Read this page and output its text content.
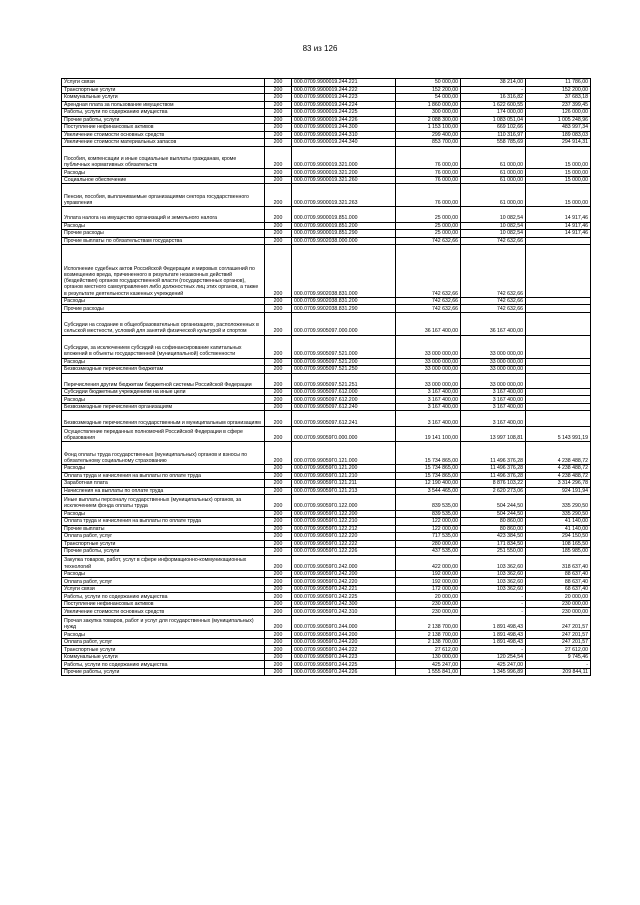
83 из 126
Услуги связи	200	000.0709.9900019.244.221	50 000,00	38 214,00	11 786,00
Транспортные услуги	200	000.0709.9900019.244.222	152 200,00	-	152 200,00
Коммунальные услуги	200	000.0709.9900019.244.223	54 000,00	16 316,82	37 683,18
Арендная плата за пользование имуществом	200	000.0709.9900019.244.224	1 860 000,00	1 622 600,55	237 399,45
Работы, услуги по содержанию имущества	200	000.0709.9900019.244.225	300 000,00	174 000,00	126 000,00
Прочие работы, услуги	200	000.0709.9900019.244.226	2 088 300,00	1 083 051,04	1 005 248,96
Поступление нефинансовых активов	200	000.0709.9900019.244.300	1 153 100,00	669 102,66	483 997,34
Увеличение стоимости основных средств	200	000.0709.9900019.244.310	299 400,00	110 316,97	189 083,03
Увеличение стоимости материальных запасов	200	000.0709.9900019.244.340	853 700,00	558 785,69	294 914,31
Пособия, компенсации и иные социальные выплаты гражданам, кроме публичных нормативных обязательств	200	000.0709.9900019.321.000	76 000,00	61 000,00	15 000,00
Расходы	200	000.0709.9900019.321.200	76 000,00	61 000,00	15 000,00
Социальное обеспечение	200	000.0709.9900019.321.260	76 000,00	61 000,00	15 000,00
Пенсии, пособия, выплачиваемые организациями сектора государственного управления	200	000.0709.9900019.321.263	76 000,00	61 000,00	15 000,00
Уплата налога на имущество организаций и земельного налога	200	000.0709.9900019.851.000	25 000,00	10 082,54	14 917,46
Расходы	200	000.0709.9900019.851.200	25 000,00	10 082,54	14 917,46
Прочие расходы	200	000.0709.9900019.851.290	25 000,00	10 082,54	14 917,46
Прочие выплаты по обязательствам государства	200	000.0709.9902038.000.000	742 632,66	742 632,66	
Исполнение судебных актов Российской Федерации и мировых соглашений по возмещению вреда, причиненного в результате незаконных действий (бездействия) органов государственной власти (государственных органов), органов местного самоуправления либо должностных лиц этих органов, а также в результате деятельности казенных учреждений	200	000.0709.9902038.831.000	742 632,66	742 632,66	
Расходы	200	000.0709.9902038.831.200	742 632,66	742 632,66	
Прочие расходы	200	000.0709.9902038.831.290	742 632,66	742 632,66	
Субсидии на создание в общеобразовательных организациях, расположенных в сельской местности, условий для занятий физической культурой и спортом	200	000.0709.9905097.000.000	36 167 400,00	36 167 400,00	
Субсидии, за исключением субсидий на софинансирование капитальных вложений в объекты государственной (муниципальной) собственности	200	000.0709.9905097.521.000	33 000 000,00	33 000 000,00	
Расходы	200	000.0709.9905097.521.200	33 000 000,00	33 000 000,00	
Безвозмездные перечисления бюджетам	200	000.0709.9905097.521.250	33 000 000,00	33 000 000,00	
Перечисления другим бюджетам бюджетной системы Российской Федерации	200	000.0709.9905097.521.251	33 000 000,00	33 000 000,00	
Субсидии бюджетным учреждениям на иные цели	200	000.0709.9905097.612.000	3 167 400,00	3 167 400,00	
Расходы	200	000.0709.9905097.612.200	3 167 400,00	3 167 400,00	
Безвозмездные перечисления организациям	200	000.0709.9905097.612.240	3 167 400,00	3 167 400,00	
Безвозмездные перечисления государственным и муниципальным организациям	200	000.0709.9905097.612.241	3 167 400,00	3 167 400,00	
Осуществление переданных полномочий Российской Федерации в сфере образования	200	000.0709.99059Г0.000.000	19 141 100,00	13 997 108,81	5 143 991,19
Фонд оплаты труда государственных (муниципальных) органов и взносы по обязательному социальному страхованию	200	000.0709.99059Г0.121.000	15 734 865,00	11 496 376,28	4 238 488,72
Расходы	200	000.0709.99059Г0.121.200	15 734 865,00	11 496 376,28	4 238 488,72
Оплата труда и начисления на выплаты по оплате труда	200	000.0709.99059Г0.121.210	15 734 865,00	11 496 376,28	4 238 488,72
Заработная плата	200	000.0709.99059Г0.121.211	12 190 400,00	8 876 103,22	3 314 296,78
Начисления на выплаты по оплате труда	200	000.0709.99059Г0.121.213	3 544 465,00	2 620 273,06	924 191,94
Иные выплаты персоналу государственных (муниципальных) органов, за исключением фонда оплаты труда	200	000.0709.99059Г0.122.000	839 535,00	504 244,50	335 290,50
Расходы	200	000.0709.99059Г0.122.200	839 535,00	504 244,50	335 290,50
Оплата труда и начисления на выплаты по оплате труда	200	000.0709.99059Г0.122.210	122 000,00	80 860,00	41 140,00
Прочие выплаты	200	000.0709.99059Г0.122.212	122 000,00	80 860,00	41 140,00
Оплата работ, услуг	200	000.0709.99059Г0.122.220	717 535,00	423 384,50	294 150,50
Транспортные услуги	200	000.0709.99059Г0.122.222	280 000,00	171 834,50	108 165,50
Прочие работы, услуги	200	000.0709.99059Г0.122.226	437 535,00	251 550,00	185 985,00
Закупка товаров, работ, услуг в сфере информационно-коммуникационных технологий	200	000.0709.99059Г0.242.000	422 000,00	103 362,60	318 637,40
Расходы	200	000.0709.99059Г0.242.200	192 000,00	103 362,60	88 637,40
Оплата работ, услуг	200	000.0709.99059Г0.242.220	192 000,00	103 362,60	88 637,40
Услуги связи	200	000.0709.99059Г0.242.221	172 000,00	103 362,60	68 637,40
Работы, услуги по содержанию имущества	200	000.0709.99059Г0.242.225	20 000,00	-	20 000,00
Поступление нефинансовых активов	200	000.0709.99059Г0.242.300	230 000,00	-	230 000,00
Увеличение стоимости основных средств	200	000.0709.99059Г0.242.310	230 000,00	-	230 000,00
Прочая закупка товаров, работ и услуг для государственных (муниципальных) нужд	200	000.0709.99059Г0.244.000	2 138 700,00	1 891 498,43	247 201,57
Расходы	200	000.0709.99059Г0.244.200	2 138 700,00	1 891 498,43	247 201,57
Оплата работ, услуг	200	000.0709.99059Г0.244.220	2 138 700,00	1 891 498,43	247 201,57
Транспортные услуги	200	000.0709.99059Г0.244.222	27 612,00	-	27 612,00
Коммунальные услуги	200	000.0709.99059Г0.244.223	130 000,00	120 254,54	9 745,46
Работы, услуги по содержанию имущества	200	000.0709.99059Г0.244.225	425 247,00	425 247,00	-
Прочие работы, услуги	200	000.0709.99059Г0.244.226	1 555 841,00	1 345 996,89	209 844,11
